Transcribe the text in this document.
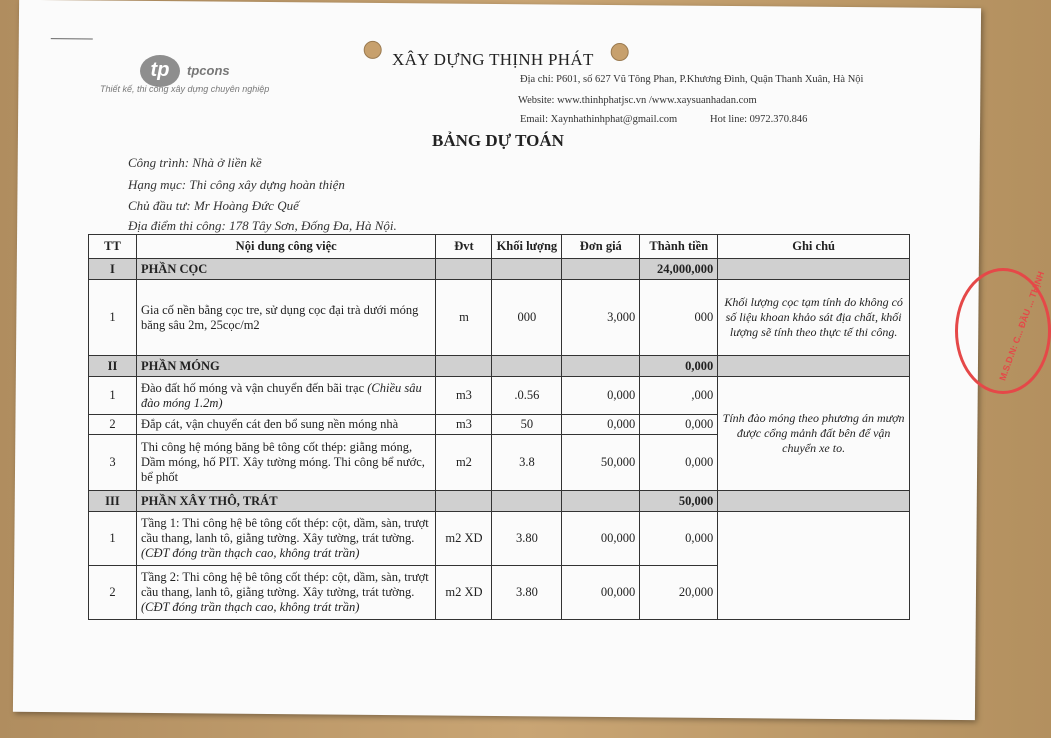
tp tpcons
Thiết kế, thi công xây dựng chuyên nghiệp
XÂY DỰNG THỊNH PHÁT
Địa chỉ: P601, số 627 Vũ Tông Phan, P.Khương Đình, Quận Thanh Xuân, Hà Nội
Website: www.thinhphatjsc.vn /www.xaysuanhadan.com
Email: Xaynhathinhphat@gmail.com	Hot line: 0972.370.846
BẢNG DỰ TOÁN
Công trình: Nhà ở liền kề
Hạng mục: Thi công xây dựng hoàn thiện
Chủ đầu tư: Mr Hoàng Đức Quế
Địa điểm thi công: 178 Tây Sơn, Đống Đa, Hà Nội.
TT	Nội dung công việc	Đvt	Khối lượng	Đơn giá	Thành tiền	Ghi chú
I	PHẦN CỌC				24,000,000	
1	Gia cố nền bằng cọc tre, sử dụng cọc đại trà dưới móng băng sâu 2m, 25cọc/m2	m	000	3,000	000	Khối lượng cọc tạm tính do không có số liệu khoan khảo sát địa chất, khối lượng sẽ tính theo thực tế thi công.
II	PHẦN MÓNG				0,000	
1	Đào đất hố móng và vận chuyển đến bãi trạc (Chiều sâu đào móng 1.2m)	m3	.0.56	0,000	,000	Tính đào móng theo phương án mượn được cổng mảnh đất bên để vận chuyển xe to.
2	Đắp cát, vận chuyển cát đen bổ sung nền móng nhà	m3	50	0,000	0,000	
3	Thi công hệ móng băng bê tông cốt thép: giằng móng, Dầm móng, hố PIT. Xây tường móng. Thi công bể nước, bể phốt	m2	3.8	50,000	0,000	
III	PHẦN XÂY THÔ, TRÁT				50,000	
1	Tầng 1: Thi công hệ bê tông cốt thép: cột, dầm, sàn, trượt cầu thang, lanh tô, giằng tường. Xây tường, trát tường. (CĐT đóng trần thạch cao, không trát trần)	m2 XD	3.80	00,000	0,000	
2	Tầng 2: Thi công hệ bê tông cốt thép: cột, dầm, sàn, trượt cầu thang, lanh tô, giằng tường. Xây tường, trát tường. (CĐT đóng trần thạch cao, không trát trần)	m2 XD	3.80	00,000	20,000	
M.S.D.N: C... ĐẦU ... THỊNH
